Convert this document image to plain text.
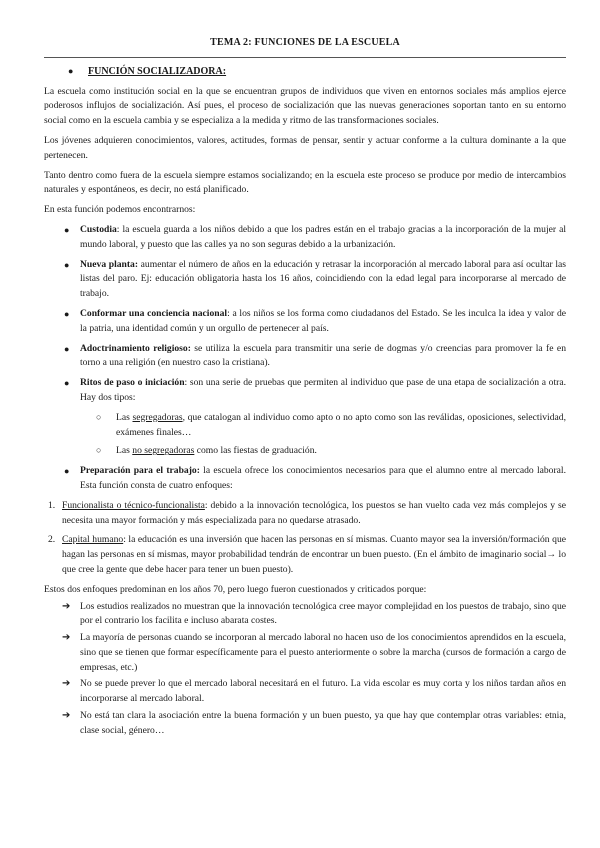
TEMA 2: FUNCIONES DE LA ESCUELA
●	FUNCIÓN SOCIALIZADORA:

La escuela como institución social en la que se encuentran grupos de individuos que viven en entornos sociales más amplios ejerce poderosos influjos de socialización. Así pues, el proceso de socialización que las nuevas generaciones soportan tanto en su entorno social como en la escuela cambia y se especializa a la medida y ritmo de las transformaciones sociales.

Los jóvenes adquieren conocimientos, valores, actitudes, formas de pensar, sentir y actuar conforme a la cultura dominante a la que pertenecen.

Tanto dentro como fuera de la escuela siempre estamos socializando; en la escuela este proceso se produce por medio de intercambios naturales y espontáneos, es decir, no está planificado.

En esta función podemos encontrarnos:

● Custodia: la escuela guarda a los niños debido a que los padres están en el trabajo gracias a la incorporación de la mujer al mundo laboral, y puesto que las calles ya no son seguras debido a la urbanización.
● Nueva planta: aumentar el número de años en la educación y retrasar la incorporación al mercado laboral para así ocultar las listas del paro. Ej: educación obligatoria hasta los 16 años, coincidiendo con la edad legal para incorporarse al mercado de trabajo.
● Conformar una conciencia nacional: a los niños se los forma como ciudadanos del Estado. Se les inculca la idea y valor de la patria, una identidad común y un orgullo de pertenecer al país.
● Adoctrinamiento religioso: se utiliza la escuela para transmitir una serie de dogmas y/o creencias para promover la fe en torno a una religión (en nuestro caso la cristiana).
● Ritos de paso o iniciación: son una serie de pruebas que permiten al individuo que pase de una etapa de socialización a otra. Hay dos tipos:
○ Las segregadoras, que catalogan al individuo como apto o no apto como son las reválidas, oposiciones, selectividad, exámenes finales…
○ Las no segregadoras como las fiestas de graduación.
● Preparación para el trabajo: la escuela ofrece los conocimientos necesarios para que el alumno entre al mercado laboral. Esta función consta de cuatro enfoques:
1. Funcionalista o técnico-funcionalista: debido a la innovación tecnológica, los puestos se han vuelto cada vez más complejos y se necesita una mayor formación y más especializada para no quedarse atrasado.
2. Capital humano: la educación es una inversión que hacen las personas en sí mismas. Cuanto mayor sea la inversión/formación que hagan las personas en sí mismas, mayor probabilidad tendrán de encontrar un buen puesto. (En el ámbito de imaginario social→ lo que cree la gente que debe hacer para tener un buen puesto).

Estos dos enfoques predominan en los años 70, pero luego fueron cuestionados y criticados porque:

➔ Los estudios realizados no muestran que la innovación tecnológica cree mayor complejidad en los puestos de trabajo, sino que por el contrario los facilita e incluso abarata costes.
➔ La mayoría de personas cuando se incorporan al mercado laboral no hacen uso de los conocimientos aprendidos en la escuela, sino que se tienen que formar específicamente para el puesto anteriormente o sobre la marcha (cursos de formación a cargo de empresas, etc.)
➔ No se puede prever lo que el mercado laboral necesitará en el futuro. La vida escolar es muy corta y los niños tardan años en incorporarse al mercado laboral.
➔ No está tan clara la asociación entre la buena formación y un buen puesto, ya que hay que contemplar otras variables: etnia, clase social, género…
